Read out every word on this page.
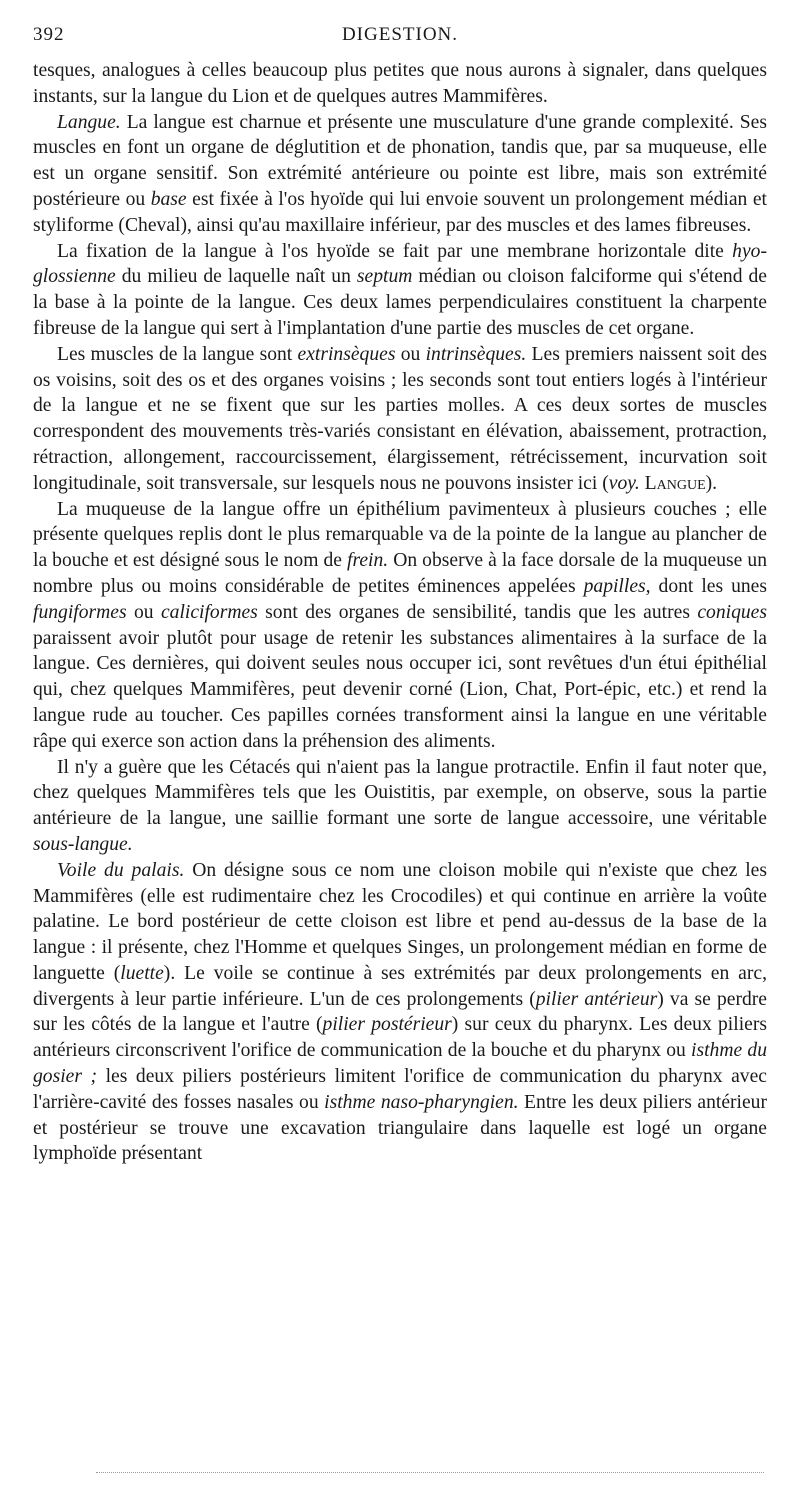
392	DIGESTION.

tesques, analogues à celles beaucoup plus petites que nous aurons à signaler, dans quelques instants, sur la langue du Lion et de quelques autres Mammifères.

Langue. La langue est charnue et présente une musculature d'une grande complexité. Ses muscles en font un organe de déglutition et de phonation, tandis que, par sa muqueuse, elle est un organe sensitif. Son extrémité antérieure ou pointe est libre, mais son extrémité postérieure ou base est fixée à l'os hyoïde qui lui envoie souvent un prolongement médian et styliforme (Cheval), ainsi qu'au maxillaire inférieur, par des muscles et des lames fibreuses.

La fixation de la langue à l'os hyoïde se fait par une membrane horizontale dite hyo-glossienne du milieu de laquelle naît un septum médian ou cloison falciforme qui s'étend de la base à la pointe de la langue. Ces deux lames perpendiculaires constituent la charpente fibreuse de la langue qui sert à l'implantation d'une partie des muscles de cet organe.

Les muscles de la langue sont extrinsèques ou intrinsèques. Les premiers naissent soit des os voisins, soit des os et des organes voisins ; les seconds sont tout entiers logés à l'intérieur de la langue et ne se fixent que sur les parties molles. A ces deux sortes de muscles correspondent des mouvements très-variés consistant en élévation, abaissement, protraction, rétraction, allongement, raccourcissement, élargissement, rétrécissement, incurvation soit longitudinale, soit transversale, sur lesquels nous ne pouvons insister ici (voy. Langue).

La muqueuse de la langue offre un épithélium pavimenteux à plusieurs couches ; elle présente quelques replis dont le plus remarquable va de la pointe de la langue au plancher de la bouche et est désigné sous le nom de frein. On observe à la face dorsale de la muqueuse un nombre plus ou moins considérable de petites éminences appelées papilles, dont les unes fungiformes ou caliciformes sont des organes de sensibilité, tandis que les autres coniques paraissent avoir plutôt pour usage de retenir les substances alimentaires à la surface de la langue. Ces dernières, qui doivent seules nous occuper ici, sont revêtues d'un étui épithélial qui, chez quelques Mammifères, peut devenir corné (Lion, Chat, Port-épic, etc.) et rend la langue rude au toucher. Ces papilles cornées transforment ainsi la langue en une véritable râpe qui exerce son action dans la préhension des aliments.

Il n'y a guère que les Cétacés qui n'aient pas la langue protractile. Enfin il faut noter que, chez quelques Mammifères tels que les Ouistitis, par exemple, on observe, sous la partie antérieure de la langue, une saillie formant une sorte de langue accessoire, une véritable sous-langue.

Voile du palais. On désigne sous ce nom une cloison mobile qui n'existe que chez les Mammifères (elle est rudimentaire chez les Crocodiles) et qui continue en arrière la voûte palatine. Le bord postérieur de cette cloison est libre et pend au-dessus de la base de la langue : il présente, chez l'Homme et quelques Singes, un prolongement médian en forme de languette (luette). Le voile se continue à ses extrémités par deux prolongements en arc, divergents à leur partie inférieure. L'un de ces prolongements (pilier antérieur) va se perdre sur les côtés de la langue et l'autre (pilier postérieur) sur ceux du pharynx. Les deux piliers antérieurs circonscrivent l'orifice de communication de la bouche et du pharynx ou isthme du gosier ; les deux piliers postérieurs limitent l'orifice de communication du pharynx avec l'arrière-cavité des fosses nasales ou isthme naso-pharyngien. Entre les deux piliers antérieur et postérieur se trouve une excavation triangulaire dans laquelle est logé un organe lymphoïde présentant
